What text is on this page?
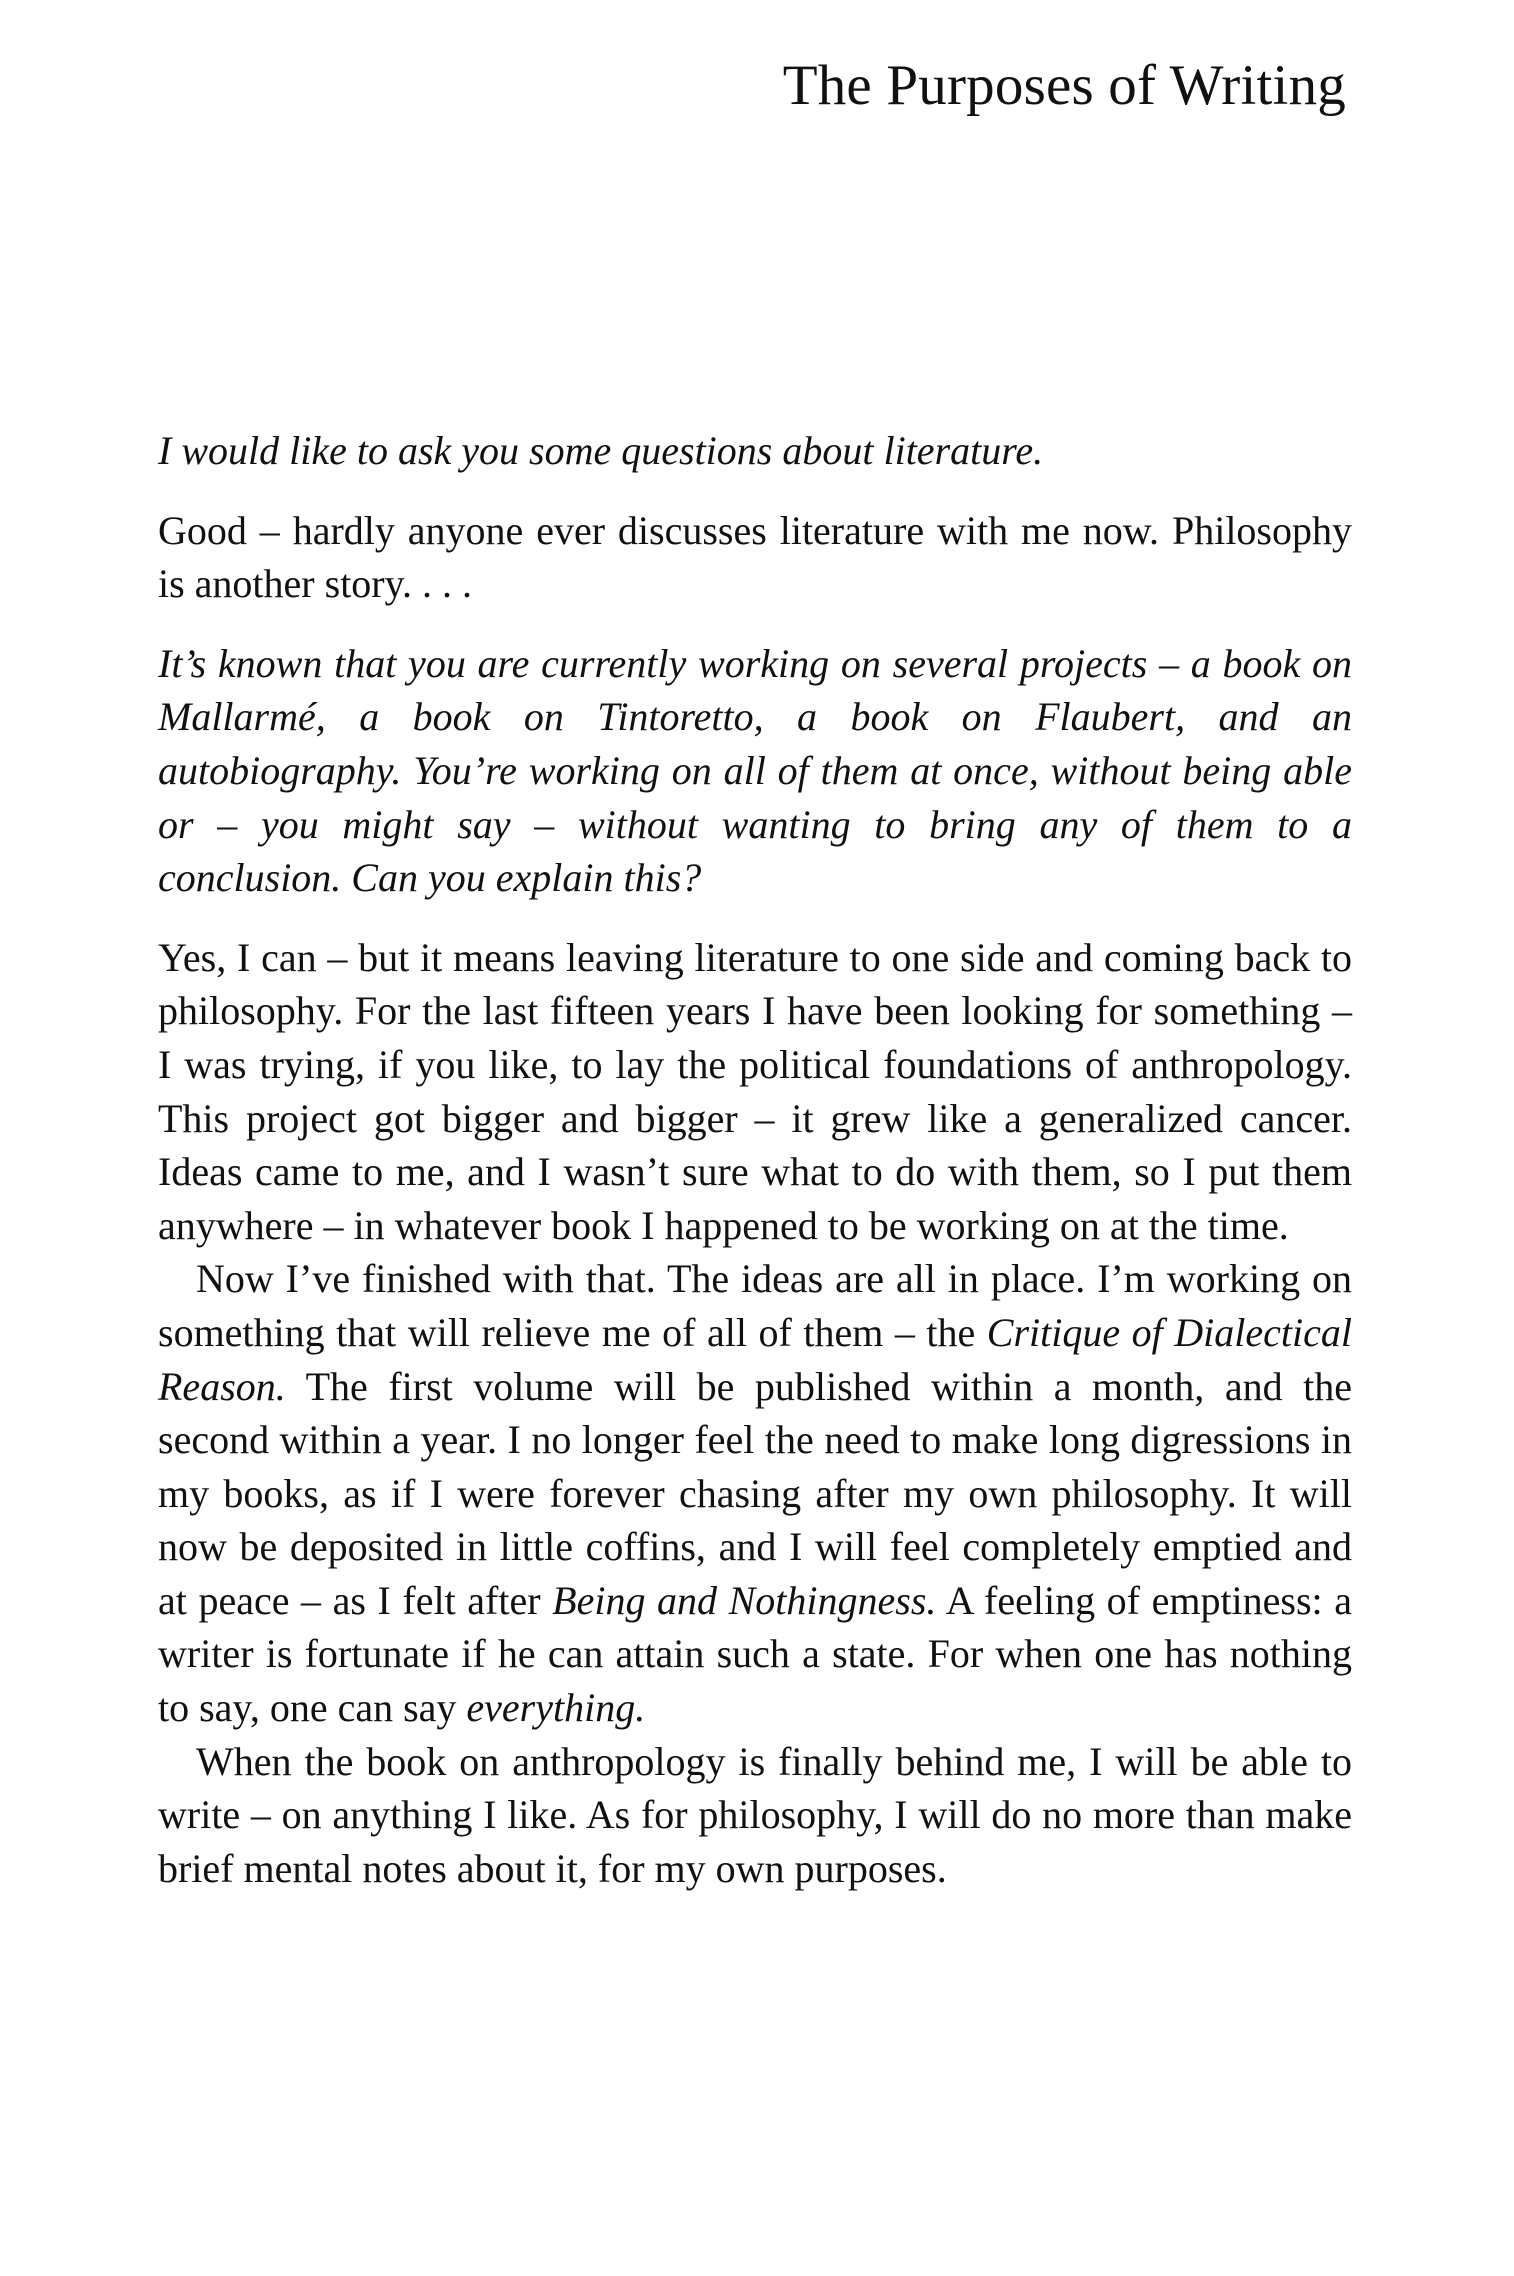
The Purposes of Writing

I would like to ask you some questions about literature.

Good – hardly anyone ever discusses literature with me now. Philosophy is another story. . . .

It’s known that you are currently working on several projects – a book on Mallarmé, a book on Tintoretto, a book on Flaubert, and an autobiography. You’re working on all of them at once, without being able or – you might say – without wanting to bring any of them to a conclusion. Can you explain this?

Yes, I can – but it means leaving literature to one side and coming back to philosophy. For the last fifteen years I have been looking for something – I was trying, if you like, to lay the political foundations of anthropology. This project got bigger and bigger – it grew like a generalized cancer. Ideas came to me, and I wasn’t sure what to do with them, so I put them anywhere – in whatever book I happened to be working on at the time.

Now I’ve finished with that. The ideas are all in place. I’m working on something that will relieve me of all of them – the Critique of Dialectical Reason. The first volume will be published within a month, and the second within a year. I no longer feel the need to make long digressions in my books, as if I were forever chasing after my own philosophy. It will now be deposited in little coffins, and I will feel completely emptied and at peace – as I felt after Being and Nothingness. A feeling of emptiness: a writer is fortunate if he can attain such a state. For when one has nothing to say, one can say everything.

When the book on anthropology is finally behind me, I will be able to write – on anything I like. As for philosophy, I will do no more than make brief mental notes about it, for my own purposes.
